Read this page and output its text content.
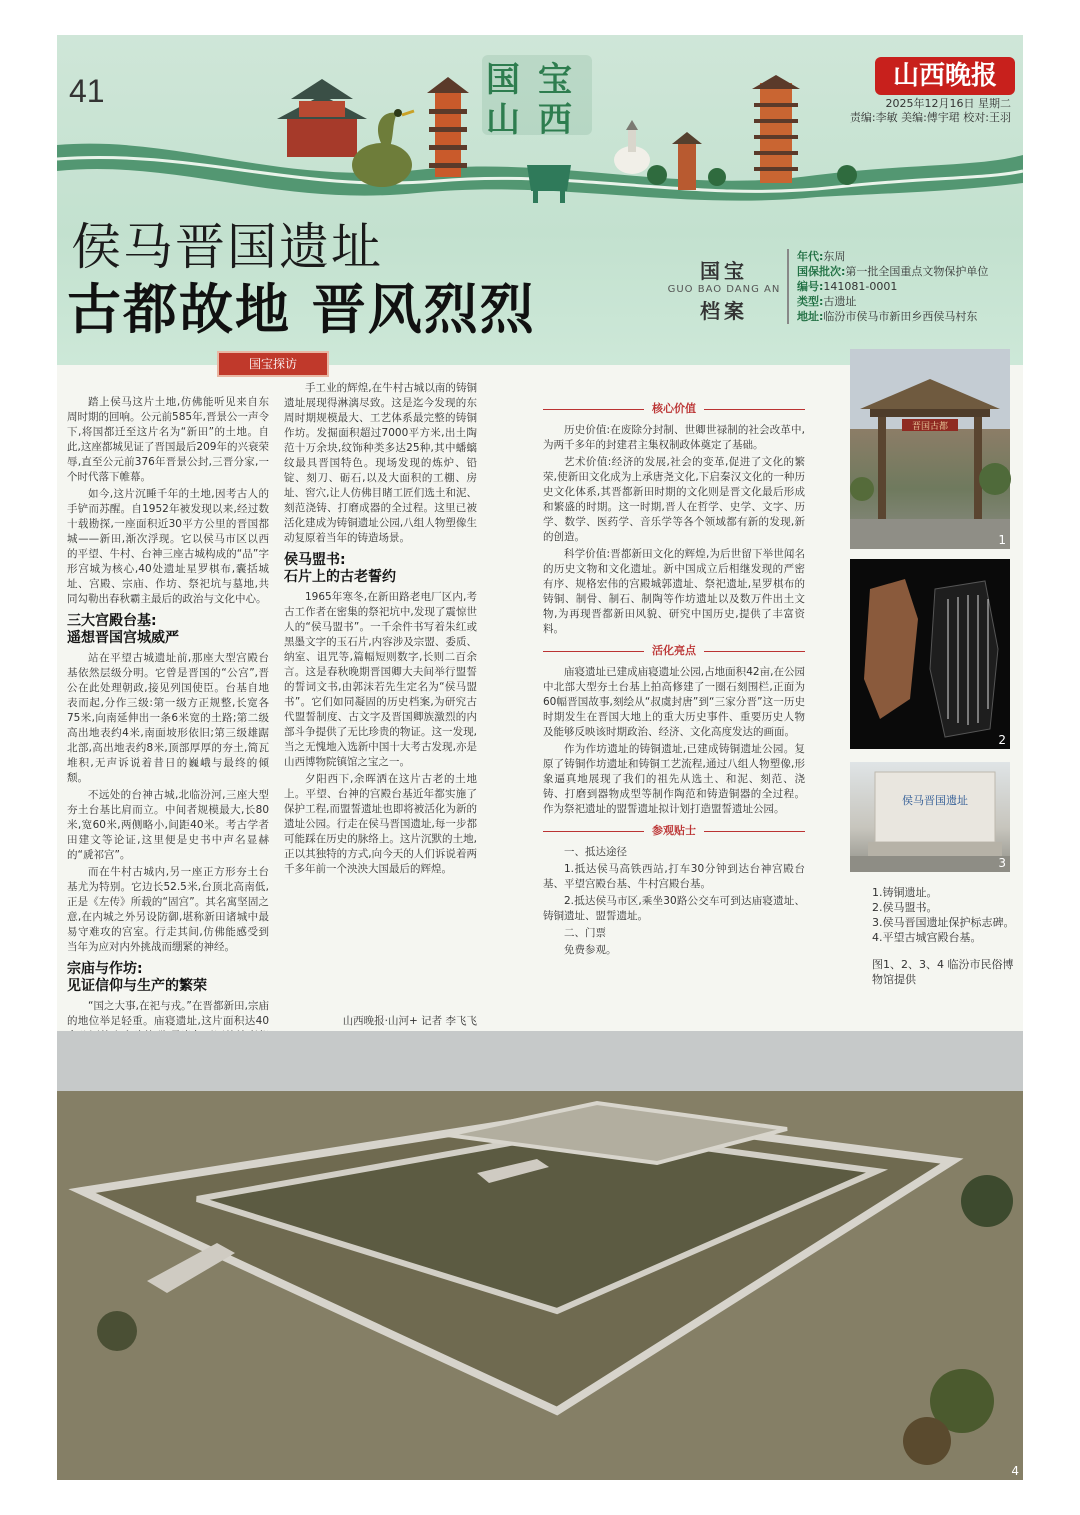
41	国 宝
山 西
山西晚报
2025年12月16日 星期二
责编:李敏 美编:傅宇珺 校对:王羽
侯马晋国遗址
古都故地 晋风烈烈
国宝
GUO BAO DANG AN
档案
年代:东周
国保批次:第一批全国重点文物保护单位
编号:141081-0001
类型:古遗址
地址:临汾市侯马市新田乡西侯马村东
国宝探访

踏上侯马这片土地,仿佛能听见来自东周时期的回响。公元前585年,晋景公一声令下,将国都迁至这片名为“新田”的土地。自此,这座都城见证了晋国最后209年的兴衰荣辱,直至公元前376年晋景公封,三晋分家,一个时代落下帷幕。

如今,这片沉睡千年的土地,因考古人的手铲而苏醒。自1952年被发现以来,经过数十载勘探,一座面积近30平方公里的晋国都城——新田,渐次浮现。它以侯马市区以西的平望、牛村、台神三座古城构成的“品”字形宫城为核心,40处遗址星罗棋布,囊括城址、宫殿、宗庙、作坊、祭祀坑与墓地,共同勾勒出春秋霸主最后的政治与文化中心。

三大宫殿台基:
遥想晋国宫城威严

站在平望古城遗址前,那座大型宫殿台基依然层级分明。它曾是晋国的“公宫”,晋公在此处理朝政,接见列国使臣。台基自地表而起,分作三级:第一级方正规整,长宽各75米,向南延伸出一条6米宽的土路;第二级高出地表约4米,南面坡形依旧;第三级雄踞北部,高出地表约8米,顶部厚厚的夯土,简瓦堆积,无声诉说着昔日的巍峨与最终的倾颓。

不远处的台神古城,北临汾河,三座大型夯土台基比肩而立。中间者规模最大,长80米,宽60米,两侧略小,间距40米。考古学者田建文等论证,这里便是史书中声名显赫的“虒祁宫”。

而在牛村古城内,另一座正方形夯土台基尤为特别。它边长52.5米,台顶北高南低,正是《左传》所载的“固宫”。其名寓坚固之意,在内城之外另设防御,堪称新田诸城中最易守难攻的宫室。行走其间,仿佛能感受到当年为应对内外挑战而绷紧的神经。

宗庙与作坊:
见证信仰与生产的繁荣

“国之大事,在祀与戎。”在晋都新田,宗庙的地位举足轻重。庙寝遗址,这片面积达40

手工业的辉煌,在牛村古城以南的铸铜遗址展现得淋漓尽致。这是迄今发现的东周时期规模最大、工艺体系最完整的铸铜作坊。发掘面积超过7000平方米,出土陶范十万余块,纹饰种类多达25种,其中蟠螭纹最具晋国特色。现场发现的炼炉、铅锭、刻刀、砺石,以及大面积的工棚、房址、窖穴,让人仿佛目睹工匠们选土和泥、刻范浇铸、打磨成器的全过程。这里已被活化建成为铸铜遗址公园,八组人物塑像生动复原着当年的铸造场景。

侯马盟书:
石片上的古老誓约

1965年寒冬,在新田路老电厂区内,考古工作者在密集的祭祀坑中,发现了震惊世人的“侯马盟书”。一千余件书写着朱红或黑墨文字的玉石片,内容涉及宗盟、委质、纳室、诅咒等,篇幅短则数字,长则二百余言。这是春秋晚期晋国卿大夫间举行盟誓的誓词文书,由郭沫若先生定名为“侯马盟书”。它们如同凝固的历史档案,为研究古代盟誓制度、古文字及晋国卿族激烈的内部斗争提供了无比珍贵的物证。这一发现,当之无愧地入选新中国十大考古发现,亦是山西博物院镇馆之宝之一。

夕阳西下,余晖洒在这片古老的土地上。平望、台神的宫殿台基近年都实施了保护工程,而盟誓遗址也即将被活化为新的遗址公园。行走在侯马晋国遗址,每一步都可能踩在历史的脉络上。这片沉默的土地,正以其独特的方式,向今天的人们诉说着两千多年前一个泱泱大国最后的辉煌。

山西晚报·山河+ 记者 李飞飞
核心价值

历史价值:在废除分封制、世卿世禄制的社会改革中,为两千多年的封建君主集权制政体奠定了基础。

艺术价值:经济的发展,社会的变革,促进了文化的繁荣,使新田文化成为上承唐尧文化,下启秦汉文化的一种历史文化体系,其晋都新田时期的文化则是晋文化最后形成和繁盛的时期。这一时期,晋人在哲学、史学、文字、历学、数学、医药学、音乐学等各个领域都有新的发现,新的创造。

科学价值:晋都新田文化的辉煌,为后世留下举世闻名的历史文物和文化遗址。新中国成立后相继发现的严密有序、规格宏伟的宫殿城郭遗址、祭祀遗址,星罗棋布的铸铜、制骨、制石、制陶等作坊遗址以及数万件出土文物,为再现晋都新田风貌、研究中国历史,提供了丰富资料。

活化亮点

庙寝遗址已建成庙寝遗址公园,占地面积42亩,在公园中北部大型夯土台基上拍高修建了一圈石刻围栏,正面为60幅晋国故事,刻绘从“叔虞封唐”到“三家分晋”这一历史时期发生在晋国大地上的重大历史事件、重要历史人物及能够反映该时期政治、经济、文化高度发达的画面。

作为作坊遗址的铸铜遗址,已建成铸铜遗址公园。复原了铸铜作坊遗址和铸铜工艺流程,通过八组人物塑像,形象逼真地展现了我们的祖先从选土、和泥、刻范、浇铸、打磨到器物成型等制作陶范和铸造铜器的全过程。作为祭祀遗址的盟誓遗址拟计划打造盟誓遗址公园。

参观贴士

一、抵达途径

1.抵达侯马高铁西站,打车30分钟到达台神宫殿台基、平望宫殿台基、牛村宫殿台基。

2.抵达侯马市区,乘坐30路公交车可到达庙寝遗址、铸铜遗址、盟誓遗址。

二、门票

免费参观。

晋国古都
1
2
侯马晋国遗址
3
1.铸铜遗址。
2.侯马盟书。
3.侯马晋国遗址保护标志碑。
4.平望古城宫殿台基。
图1、2、3、4 临汾市民俗博物馆提供
4
